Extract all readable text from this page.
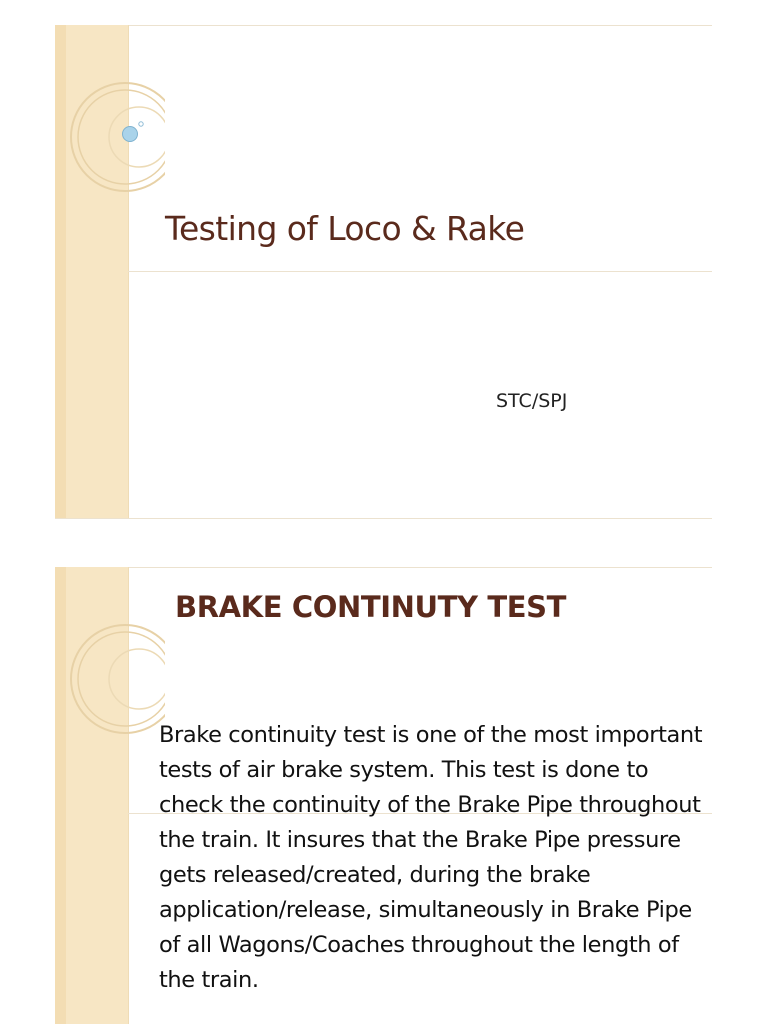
Testing of Loco & Rake
STC/SPJ
BRAKE CONTINUTY TEST
Brake continuity test is one of the most important tests of air brake system. This test is done to check the continuity of the Brake Pipe throughout the train. It insures that the Brake Pipe pressure gets released/created, during the brake application/release, simultaneously in Brake Pipe of all Wagons/Coaches throughout the length of the train.
